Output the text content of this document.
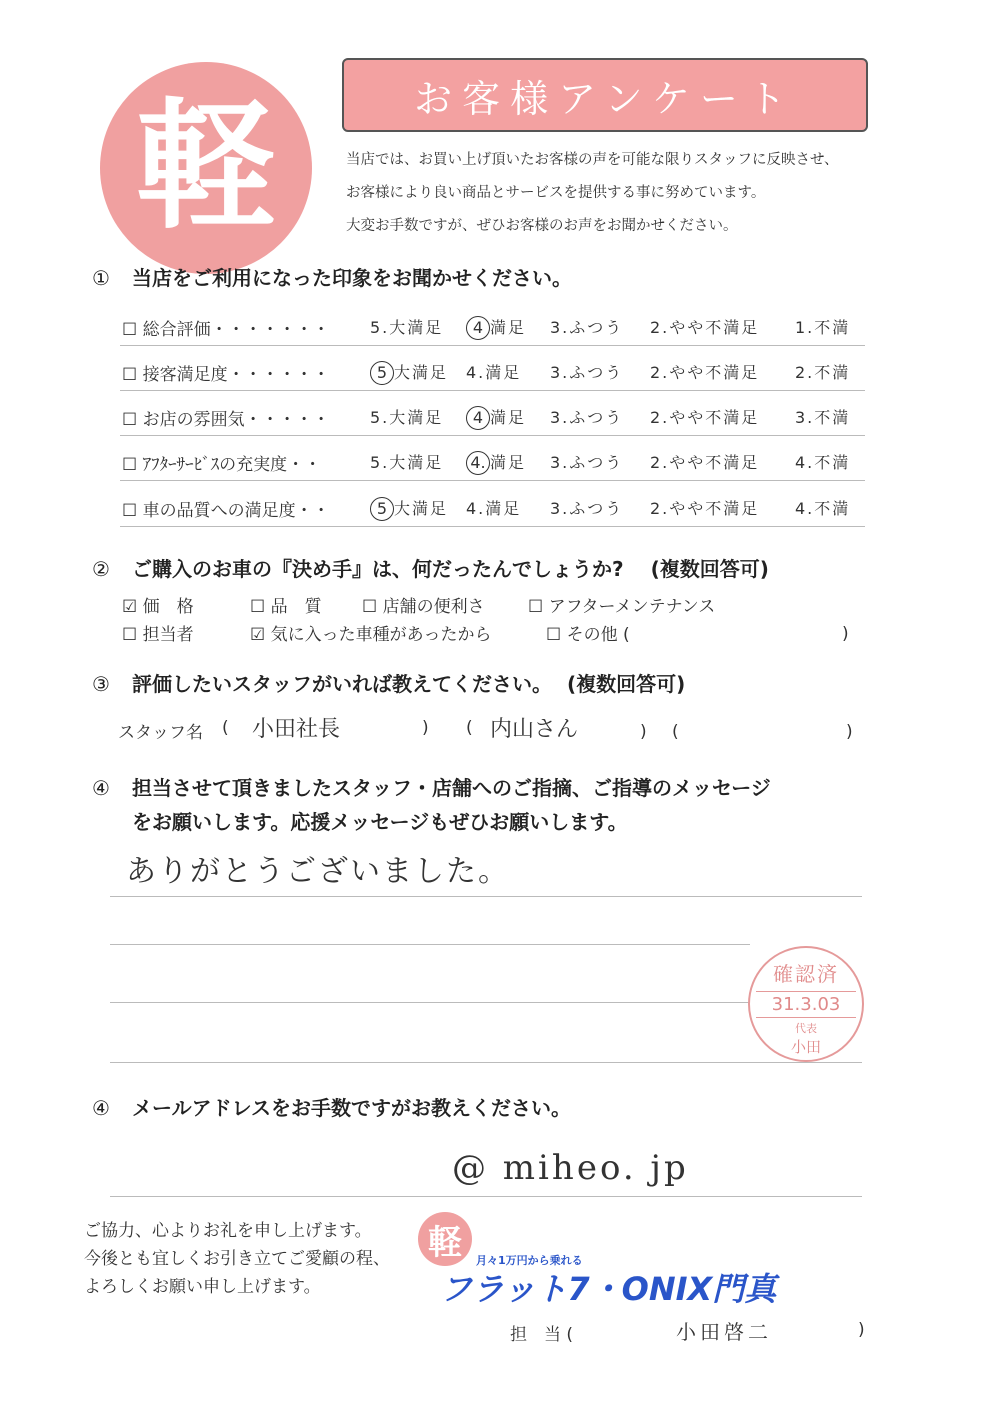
軽	お客様アンケート
当店では、お買い上げ頂いたお客様の声を可能な限りスタッフに反映させ、
お客様により良い商品とサービスを提供する事に努めています。
大変お手数ですが、ぜひお客様のお声をお聞かせください。
① 当店をご利用になった印象をお聞かせください。
☐ 総合評価・・・・・・・	5.大満足	4 満足 3.ふつう 2.やや不満足 1.不満
☐ 接客満足度・・・・・・	5 大満足 4.満足 3.ふつう 2.やや不満足 2.不満
☐ お店の雰囲気・・・・・	5.大満足	4 満足 3.ふつう 2.やや不満足 3.不満
☐ ｱﾌﾀｰｻｰﾋﾞｽの充実度・・	5.大満足 4. 満足 3.ふつう 2.やや不満足 4.不満
☐ 車の品質への満足度・・	5 大満足 4.満足 3.ふつう 2.やや不満足 4.不満
② ご購入のお車の『決め手』は、何だったんでしょうか? (複数回答可)
☑ 価　格	☐ 品　質 ☐ 店舗の便利さ	☐ アフターメンテナンス
☐ 担当者	☑ 気に入った車種があったから	☐ その他 (	)
③ 評価したいスタッフがいれば教えてください。 (複数回答可)
スタッフ名 ( 小田社長	) ( 内山さん	) (	)
④ 担当させて頂きましたスタッフ・店舗へのご指摘、ご指導のメッセージ
をお願いします。応援メッセージもぜひお願いします。
ありがとうございました。
確認済
31.3.03
代表
小田
④ メールアドレスをお手数ですがお教えください。
@ miheo. jp
ご協力、心よりお礼を申し上げます。
今後とも宜しくお引き立てご愛顧の程、
よろしくお願い申し上げます。
軽 月々1万円から乗れる
フラット7・ONIX門真
担　当 (	小田啓二	)
